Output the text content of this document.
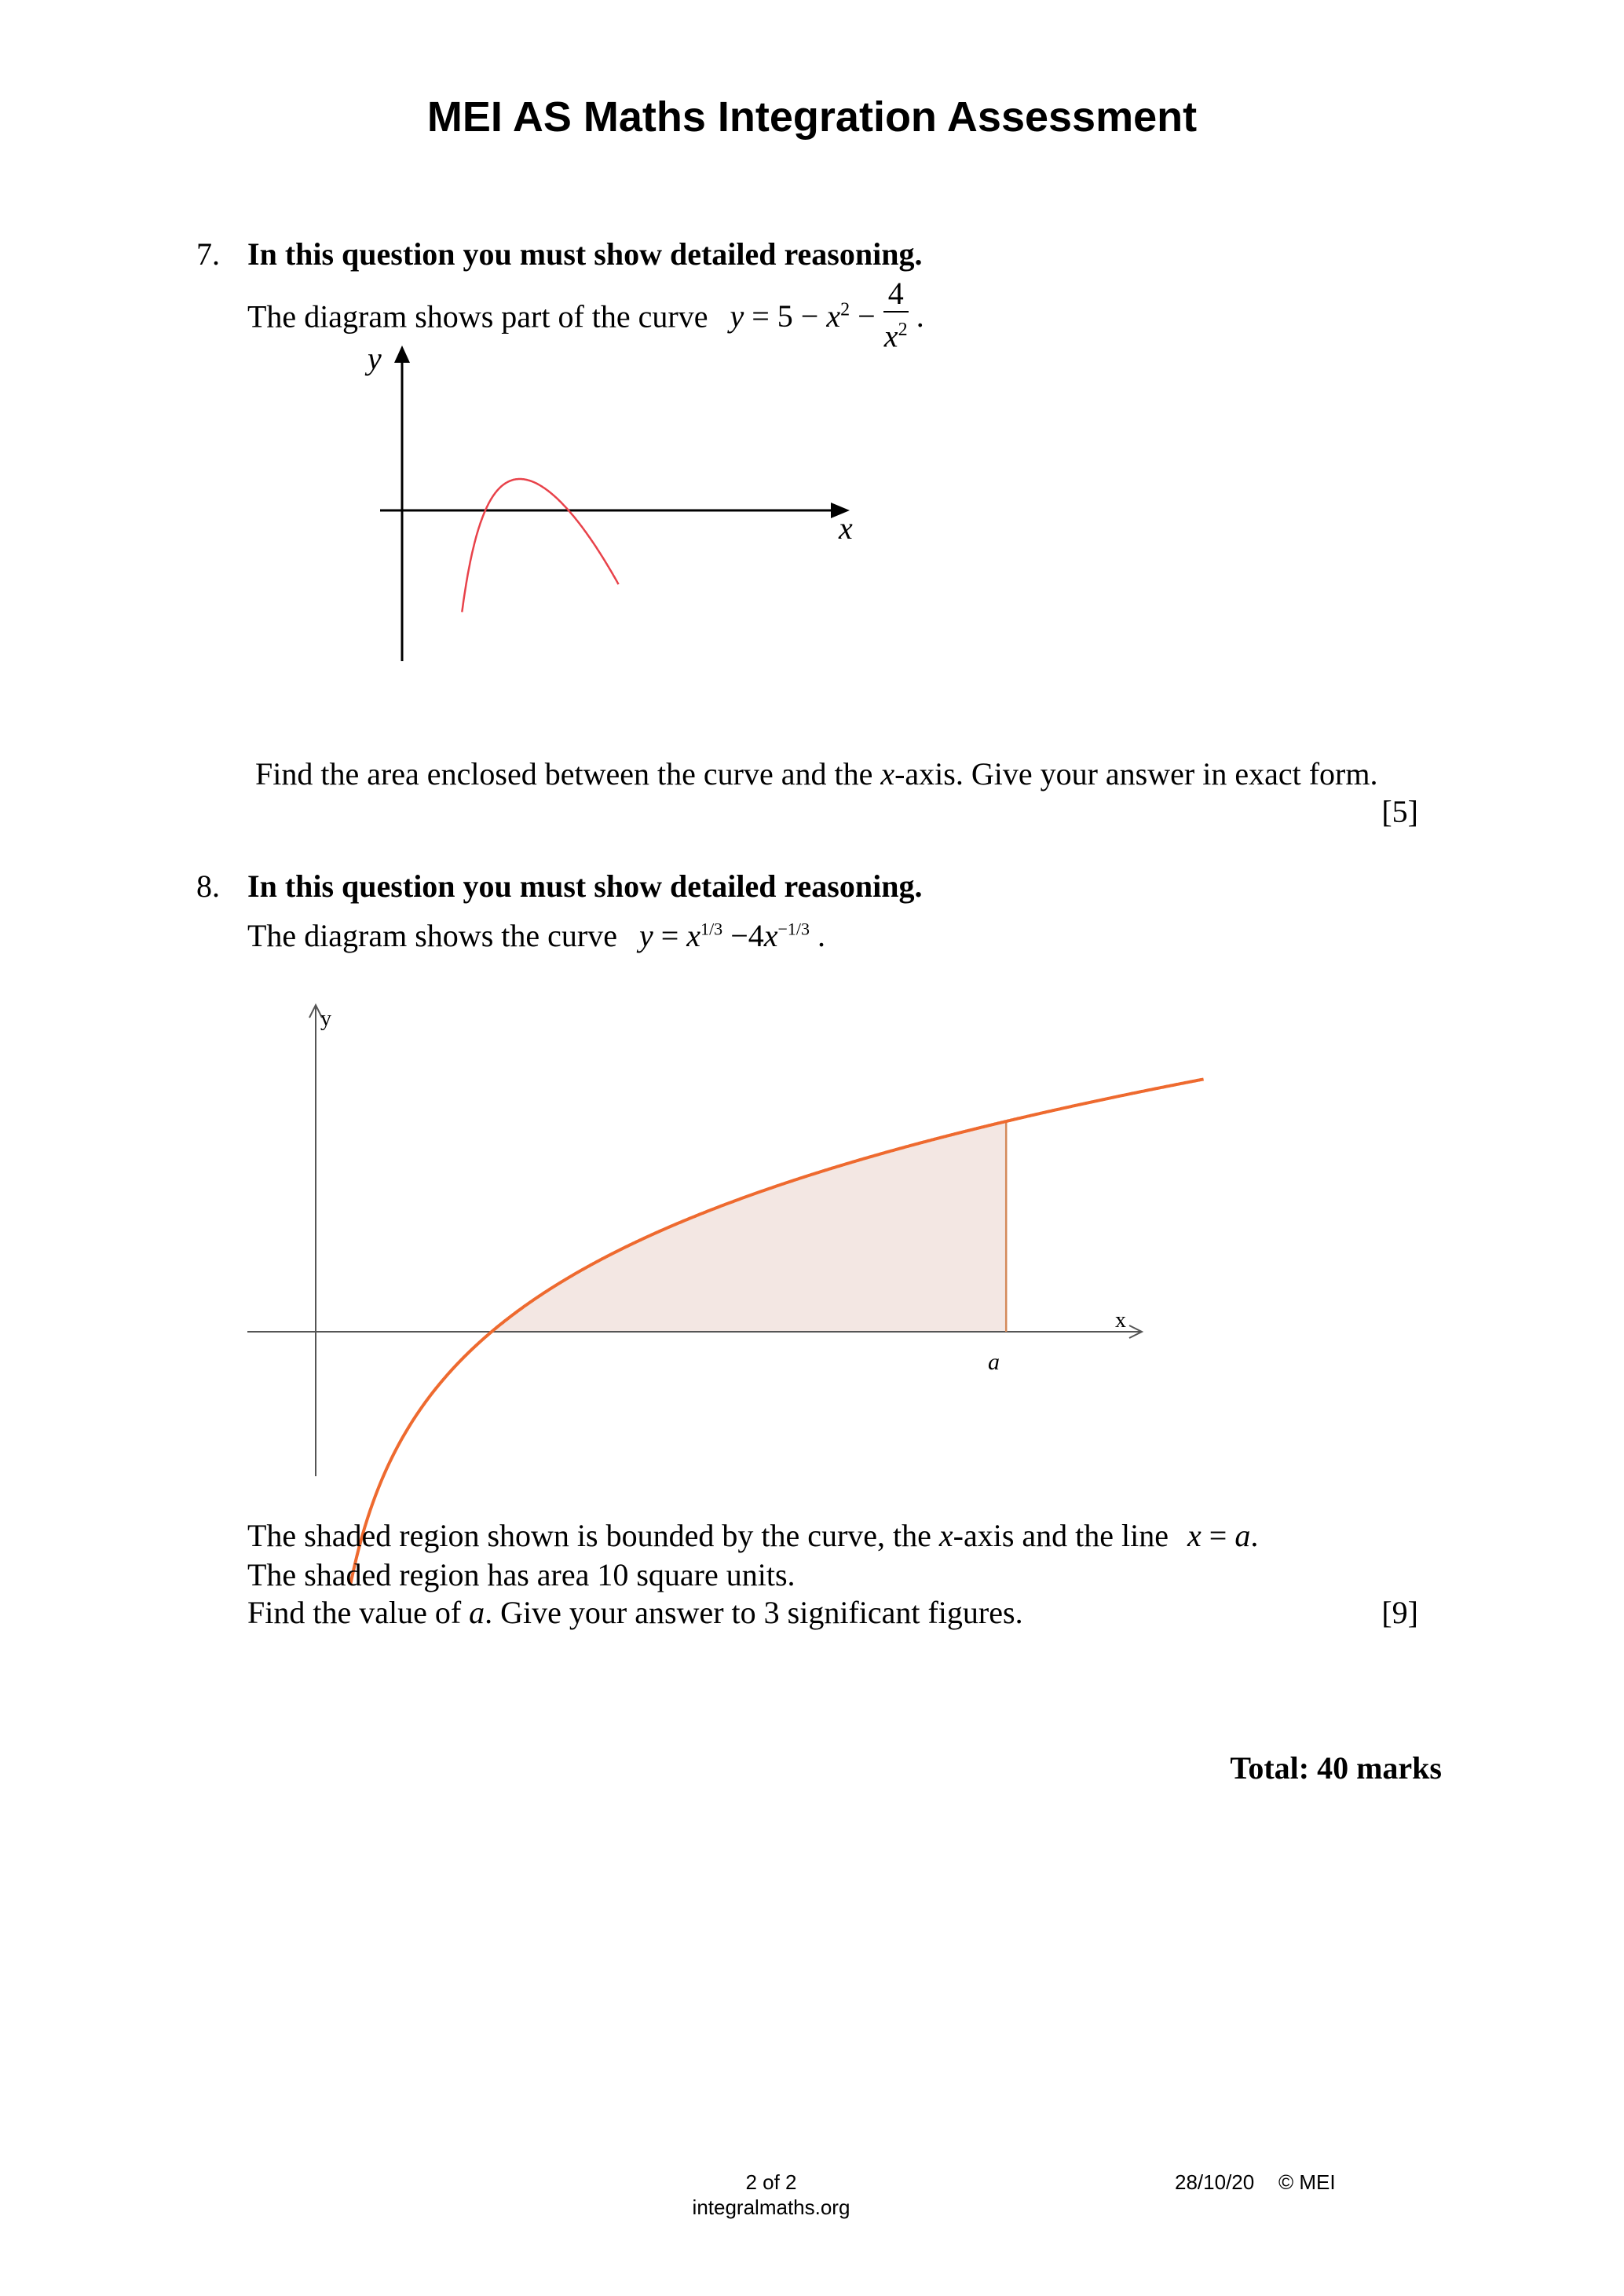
MEI AS Maths Integration Assessment
7. In this question you must show detailed reasoning.
The diagram shows part of the curve $y = 5 - x^2 - \frac{4}{x^2}$ .
y
x
Find the area enclosed between the curve and the x-axis. Give your answer in exact form.
[5]
8. In this question you must show detailed reasoning.
The diagram shows the curve $y = x^{1/3} -4x^{-1/3}$ .
y
x
a
The shaded region shown is bounded by the curve, the x-axis and the line x = a.
The shaded region has area 10 square units.
Find the value of a. Give your answer to 3 significant figures.	[9]
Total: 40 marks
2 of 2
integralmaths.org
28/10/20 © MEI
